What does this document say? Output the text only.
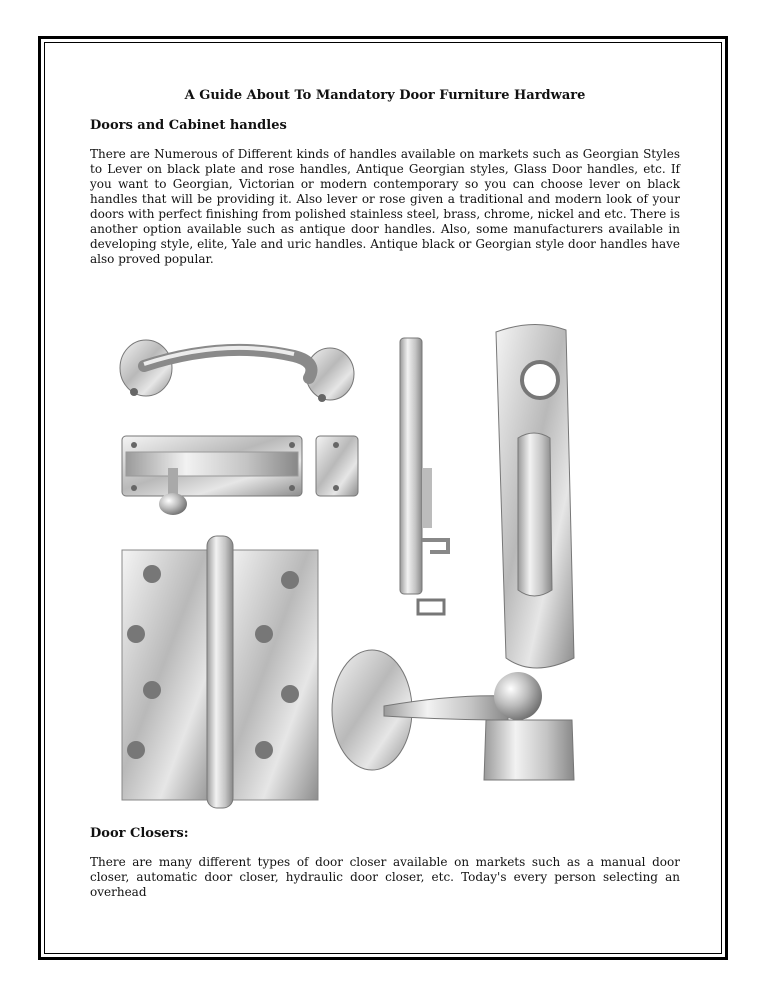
A Guide About To Mandatory Door Furniture Hardware

Doors and Cabinet handles

There are Numerous of Different kinds of handles available on markets such as Georgian Styles to Lever on black plate and rose handles, Antique Georgian styles, Glass Door handles, etc. If you want to Georgian, Victorian or modern contemporary so you can choose lever on black handles that will be providing it. Also lever or rose given a traditional and modern look of your doors with perfect finishing from polished stainless steel, brass, chrome, nickel and etc. There is another option available such as antique door handles. Also, some manufacturers available in developing style, elite, Yale and uric handles. Antique black or Georgian style door handles have also proved popular.

Door Closers:

There are many different types of door closer available on markets such as a manual door closer, automatic door closer, hydraulic door closer, etc. Today's every person selecting an overhead
